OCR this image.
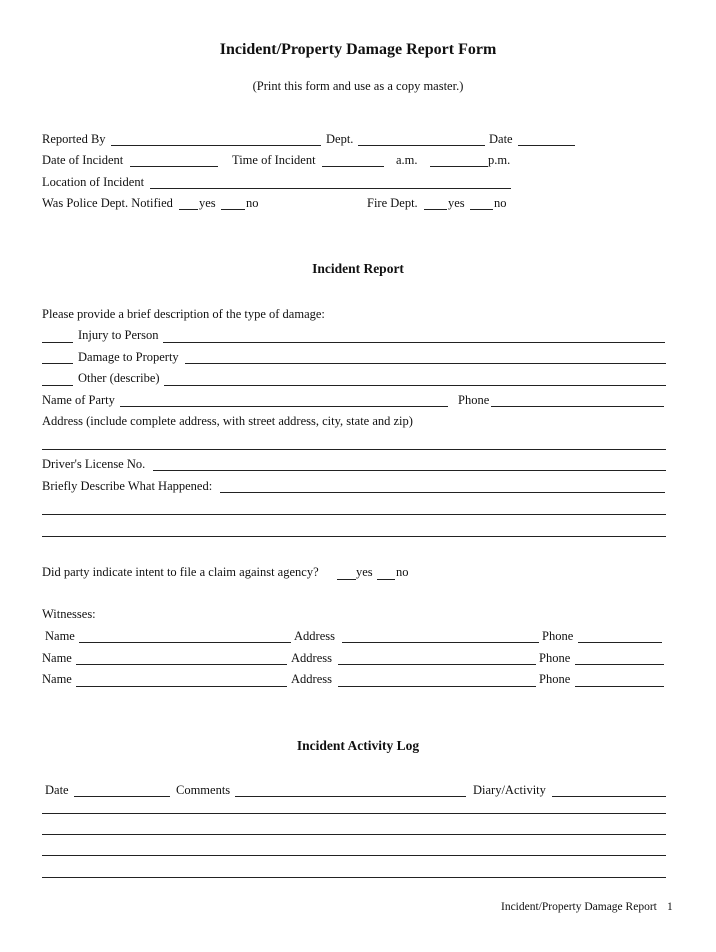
Incident/Property Damage Report Form
(Print this form and use as a copy master.)
Reported By	Dept.	Date
Date of Incident	Time of Incident	a.m.	p.m.
Location of Incident
Was Police Dept. Notified yes no	Fire Dept. yes no
Incident Report
Please provide a brief description of the type of damage:
Injury to Person
Damage to Property
Other (describe)
Name of Party	Phone
Address (include complete address, with street address, city, state and zip)
Driver's License No.
Briefly Describe What Happened:
Did party indicate intent to file a claim against agency?	yes no
Witnesses:
Name	Address	Phone
Name	Address	Phone
Name	Address	Phone
Incident Activity Log
Date	Comments	Diary/Activity
Incident/Property Damage Report 1
